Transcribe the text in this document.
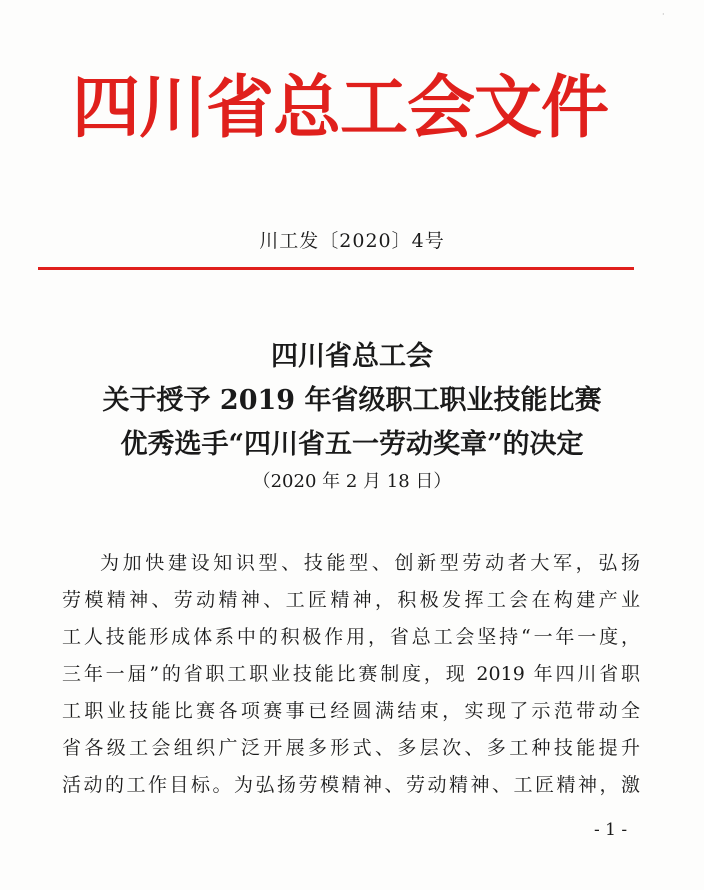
·
四川省总工会文件
川工发〔2020〕4号
四川省总工会
关于授予 2019 年省级职工职业技能比赛
优秀选手“四川省五一劳动奖章”的决定
（2020 年 2 月 18 日）
为加快建设知识型、技能型、创新型劳动者大军，弘扬
劳模精神、劳动精神、工匠精神，积极发挥工会在构建产业
工人技能形成体系中的积极作用，省总工会坚持“一年一度，
三年一届”的省职工职业技能比赛制度，现 2019 年四川省职
工职业技能比赛各项赛事已经圆满结束，实现了示范带动全
省各级工会组织广泛开展多形式、多层次、多工种技能提升
活动的工作目标。为弘扬劳模精神、劳动精神、工匠精神，激
- 1 -
